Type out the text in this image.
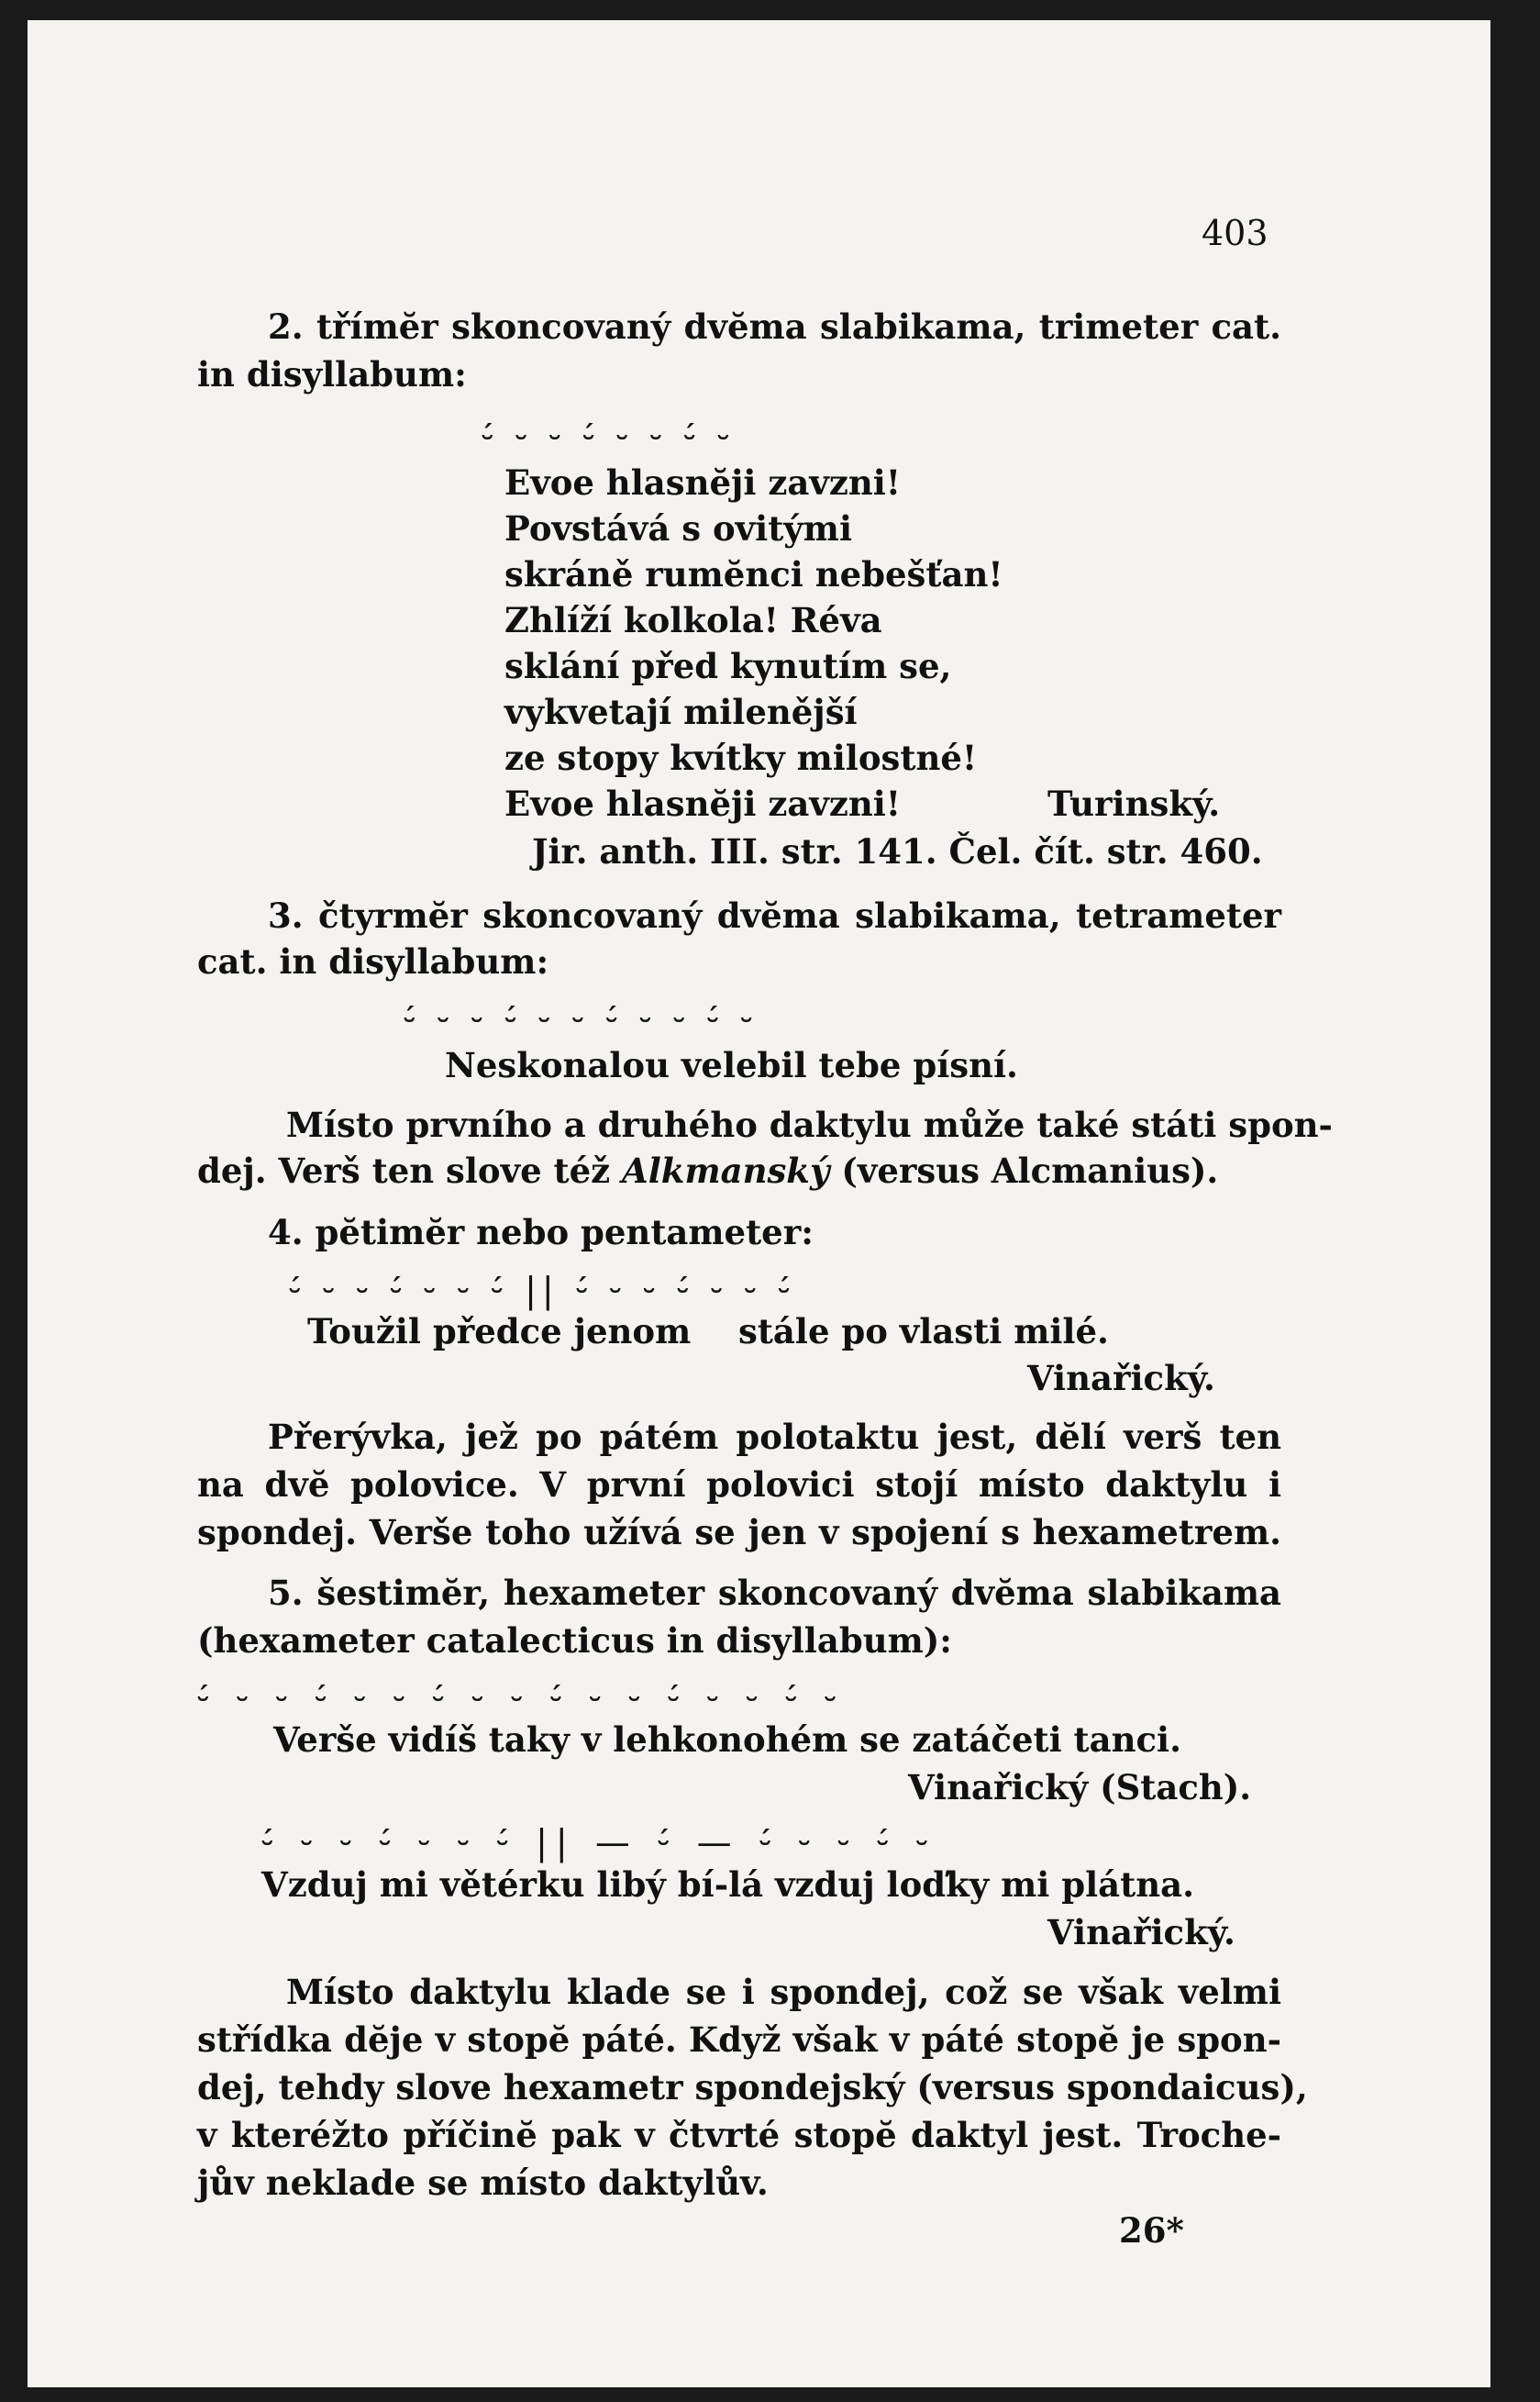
403
2. třímĕr skoncovaný dvĕma slabikama, trimeter cat.
in disyllabum:
⏑́ ⏑ ⏑ ⏑́ ⏑ ⏑ ⏑́ ⏑
Evoe hlasnĕji zavzni!
Povstává s ovitými
skráně rumĕnci nebešťan!
Zhlíží kolkola! Réva
sklání před kynutím se,
vykvetají milenější
ze stopy kvítky milostné!
Evoe hlasnĕji zavzni!	Turinský.
Jir. anth. III. str. 141. Čel. čít. str. 460.
3. čtyrmĕr skoncovaný dvĕma slabikama, tetrameter
cat. in disyllabum:
⏑́ ⏑ ⏑ ⏑́ ⏑ ⏑ ⏑́ ⏑ ⏑ ⏑́ ⏑
Neskonalou velebil tebe písní.
Místo prvního a druhého daktylu může také státi spon-
dej. Verš ten slove též Alkmanský (versus Alcmanius).
4. pĕtimĕr nebo pentameter:
⏑́ ⏑ ⏑ ⏑́ ⏑ ⏑ ⏑́ || ⏑́ ⏑ ⏑ ⏑́ ⏑ ⏑ ⏑́
Toužil předce jenom stále po vlasti milé.
Vinařický.
Přerývka, jež po pátém polotaktu jest, dĕlí verš ten
na dvĕ polovice. V první polovici stojí místo daktylu i
spondej. Verše toho užívá se jen v spojení s hexametrem.
5. šestimĕr, hexameter skoncovaný dvĕma slabikama
(hexameter catalecticus in disyllabum):
⏑́ ⏑ ⏑ ⏑́ ⏑ ⏑ ⏑́ ⏑ ⏑ ⏑́ ⏑ ⏑ ⏑́ ⏑ ⏑ ⏑́ ⏑
Verše vidíš taky v lehkonohém se zatáčeti tanci.
Vinařický (Stach).
⏑́ ⏑ ⏑ ⏑́ ⏑ ⏑ ⏑́ || — ⏑́ — ⏑́ ⏑ ⏑ ⏑́ ⏑
Vzduj mi větérku libý bí-lá vzduj loďky mi plátna.
Vinařický.
Místo daktylu klade se i spondej, což se však velmi
střídka dĕje v stopĕ páté. Když však v páté stopĕ je spon-
dej, tehdy slove hexametr spondejský (versus spondaicus),
v kteréžto příčinĕ pak v čtvrté stopĕ daktyl jest. Troche-
jův neklade se místo daktylův.
26*
